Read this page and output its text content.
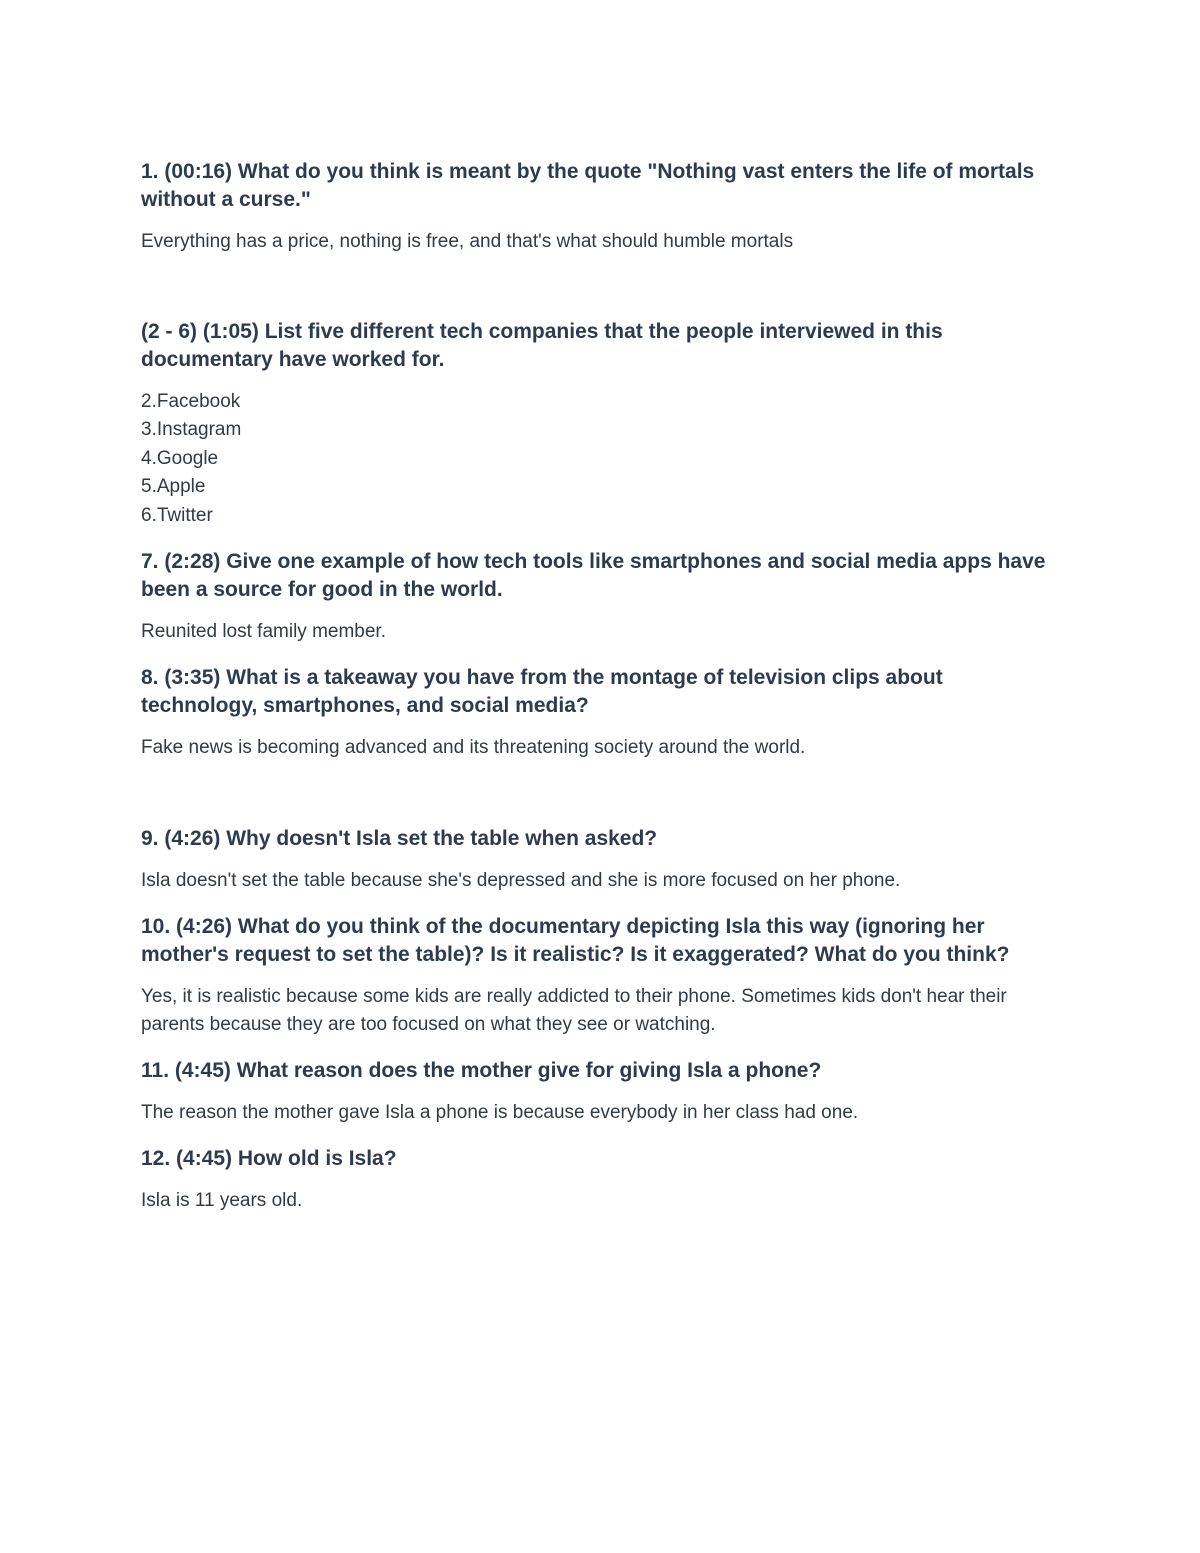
1. (00:16) What do you think is meant by the quote "Nothing vast enters the life of mortals without a curse."

Everything has a price, nothing is free, and that's what should humble mortals

(2 - 6) (1:05) List five different tech companies that the people interviewed in this documentary have worked for.

2.Facebook
3.Instagram
4.Google
5.Apple
6.Twitter

7. (2:28) Give one example of how tech tools like smartphones and social media apps have been a source for good in the world.

Reunited lost family member.

8. (3:35) What is a takeaway you have from the montage of television clips about technology, smartphones, and social media?

Fake news is becoming advanced and its threatening society around the world.

9. (4:26) Why doesn't Isla set the table when asked?

Isla doesn't set the table because she's depressed and she is more focused on her phone.

10. (4:26) What do you think of the documentary depicting Isla this way (ignoring her mother's request to set the table)? Is it realistic? Is it exaggerated? What do you think?

Yes, it is realistic because some kids are really addicted to their phone. Sometimes kids don't hear their parents because they are too focused on what they see or watching.

11. (4:45) What reason does the mother give for giving Isla a phone?

The reason the mother gave Isla a phone is because everybody in her class had one.

12. (4:45) How old is Isla?

Isla is 11 years old.
